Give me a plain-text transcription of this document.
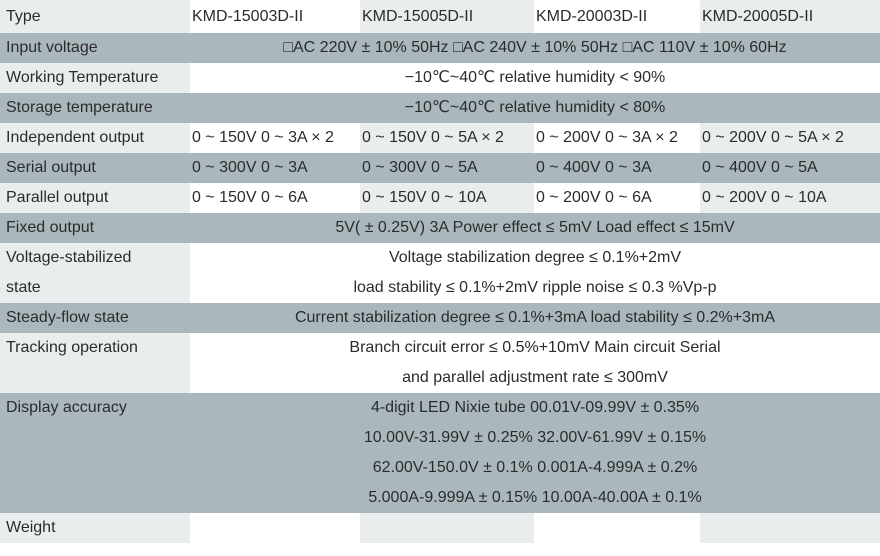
Type	KMD-15003D-II	KMD-15005D-II	KMD-20003D-II	KMD-20005D-II
Input voltage	□AC 220V ± 10% 50Hz □AC 240V ± 10% 50Hz □AC 110V ± 10% 60Hz			
Working Temperature	−10℃~40℃ relative humidity < 90%			
Storage temperature	−10℃~40℃ relative humidity < 80%			
Independent output	0 ~ 150V 0 ~ 3A × 2	0 ~ 150V 0 ~ 5A × 2	0 ~ 200V 0 ~ 3A × 2	0 ~ 200V 0 ~ 5A × 2
Serial output	0 ~ 300V 0 ~ 3A	0 ~ 300V 0 ~ 5A	0 ~ 400V 0 ~ 3A	0 ~ 400V 0 ~ 5A
Parallel output	0 ~ 150V 0 ~ 6A	0 ~ 150V 0 ~ 10A	0 ~ 200V 0 ~ 6A	0 ~ 200V 0 ~ 10A
Fixed output	5V( ± 0.25V) 3A Power effect ≤ 5mV Load effect ≤ 15mV			

Voltage-stabilized
state	Voltage stabilization degree ≤ 0.1%+2mV
load stability ≤ 0.1%+2mV ripple noise ≤ 0.3 %Vp-p			

Steady-flow state	Current stabilization degree ≤ 0.1%+3mA load stability ≤ 0.2%+3mA			

Tracking operation	Branch circuit error ≤ 0.5%+10mV Main circuit Serial
and parallel adjustment rate ≤ 300mV			

Display accuracy	4-digit LED Nixie tube 00.01V-09.99V ± 0.35%
10.00V-31.99V ± 0.25% 32.00V-61.99V ± 0.15%
62.00V-150.0V ± 0.1% 0.001A-4.999A ± 0.2%
5.000A-9.999A ± 0.15% 10.00A-40.00A ± 0.1%			

Weight				
